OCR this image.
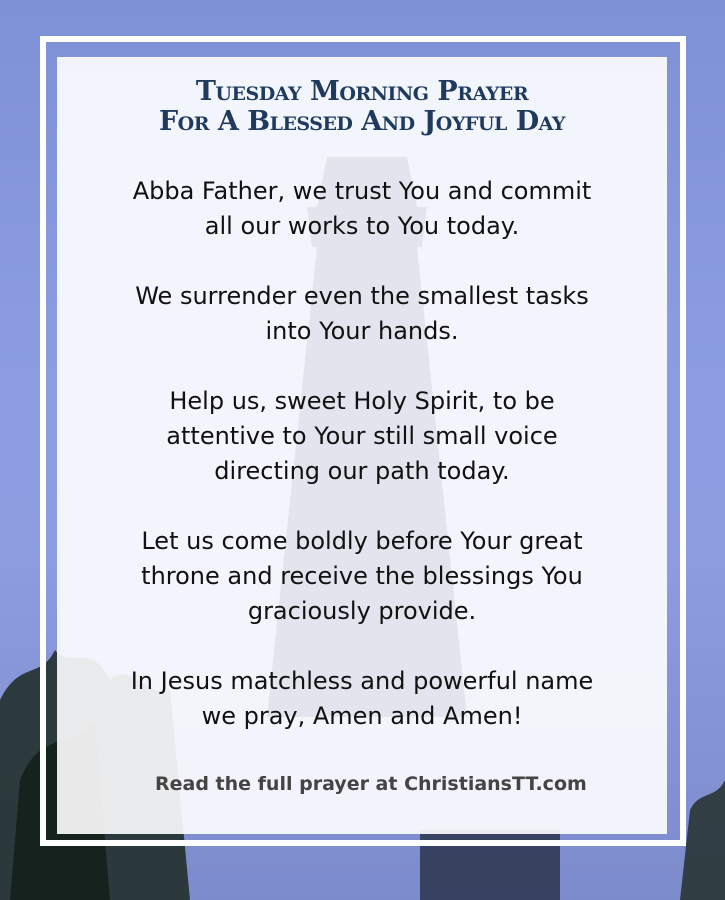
Tuesday Morning Prayer
For A Blessed And Joyful Day
Abba Father, we trust You and commit
all our works to You today.
We surrender even the smallest tasks
into Your hands.
Help us, sweet Holy Spirit, to be
attentive to Your still small voice
directing our path today.
Let us come boldly before Your great
throne and receive the blessings You
graciously provide.
In Jesus matchless and powerful name
we pray, Amen and Amen!
Read the full prayer at ChristiansTT.com
